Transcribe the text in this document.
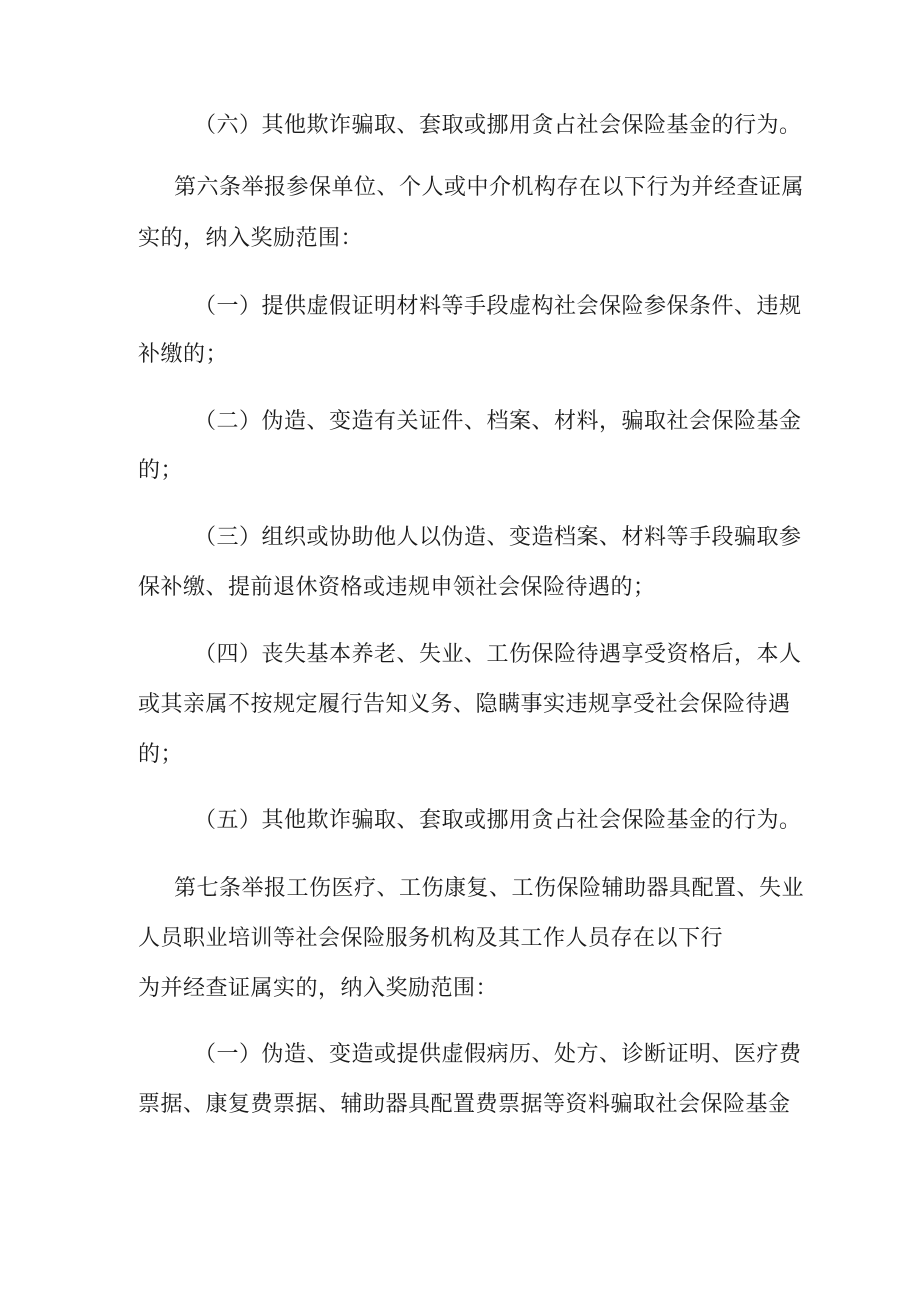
（六）其他欺诈骗取、套取或挪用贪占社会保险基金的行为。
第六条举报参保单位、个人或中介机构存在以下行为并经查证属
实的，纳入奖励范围：
（一）提供虚假证明材料等手段虚构社会保险参保条件、违规
补缴的；
（二）伪造、变造有关证件、档案、材料，骗取社会保险基金
的；
（三）组织或协助他人以伪造、变造档案、材料等手段骗取参
保补缴、提前退休资格或违规申领社会保险待遇的；
（四）丧失基本养老、失业、工伤保险待遇享受资格后，本人
或其亲属不按规定履行告知义务、隐瞒事实违规享受社会保险待遇
的；
（五）其他欺诈骗取、套取或挪用贪占社会保险基金的行为。
第七条举报工伤医疗、工伤康复、工伤保险辅助器具配置、失业
人员职业培训等社会保险服务机构及其工作人员存在以下行
为并经查证属实的，纳入奖励范围：
（一）伪造、变造或提供虚假病历、处方、诊断证明、医疗费
票据、康复费票据、辅助器具配置费票据等资料骗取社会保险基金
